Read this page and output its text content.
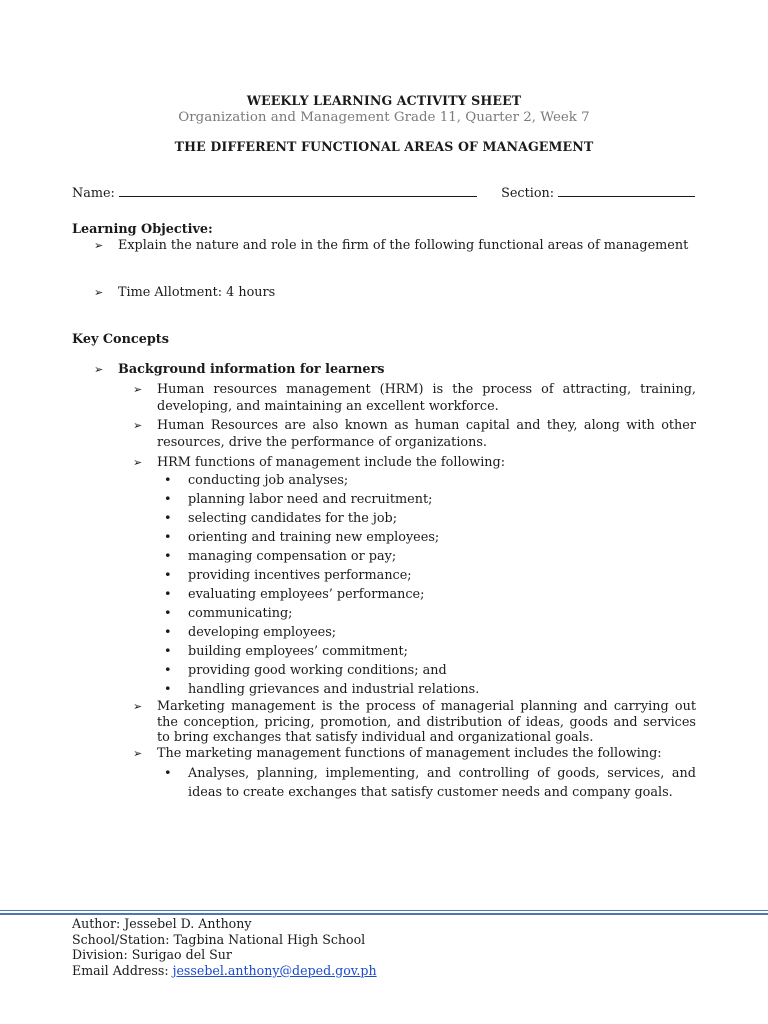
WEEKLY LEARNING ACTIVITY SHEET
Organization and Management Grade 11, Quarter 2, Week 7
THE DIFFERENT FUNCTIONAL AREAS OF MANAGEMENT
Name:	Section:
Learning Objective:
➢	Explain the nature and role in the firm of the following functional areas of management
➢	Time Allotment: 4 hours
Key Concepts
➢	Background information for learners
➢	Human resources management (HRM) is the process of attracting, training, developing, and maintaining an excellent workforce.
➢	Human Resources are also known as human capital and they, along with other resources, drive the performance of organizations.
➢	HRM functions of management include the following:
• conducting job analyses;
• planning labor need and recruitment;
• selecting candidates for the job;
• orienting and training new employees;
• managing compensation or pay;
• providing incentives performance;
• evaluating employees’ performance;
• communicating;
• developing employees;
• building employees’ commitment;
• providing good working conditions; and
• handling grievances and industrial relations.
➢	Marketing management is the process of managerial planning and carrying out the conception, pricing, promotion, and distribution of ideas, goods and services to bring exchanges that satisfy individual and organizational goals.
➢	The marketing management functions of management includes the following:
• Analyses, planning, implementing, and controlling of goods, services, and ideas to create exchanges that satisfy customer needs and company goals.
Author: Jessebel D. Anthony
School/Station: Tagbina National High School
Division: Surigao del Sur
Email Address: jessebel.anthony@deped.gov.ph
